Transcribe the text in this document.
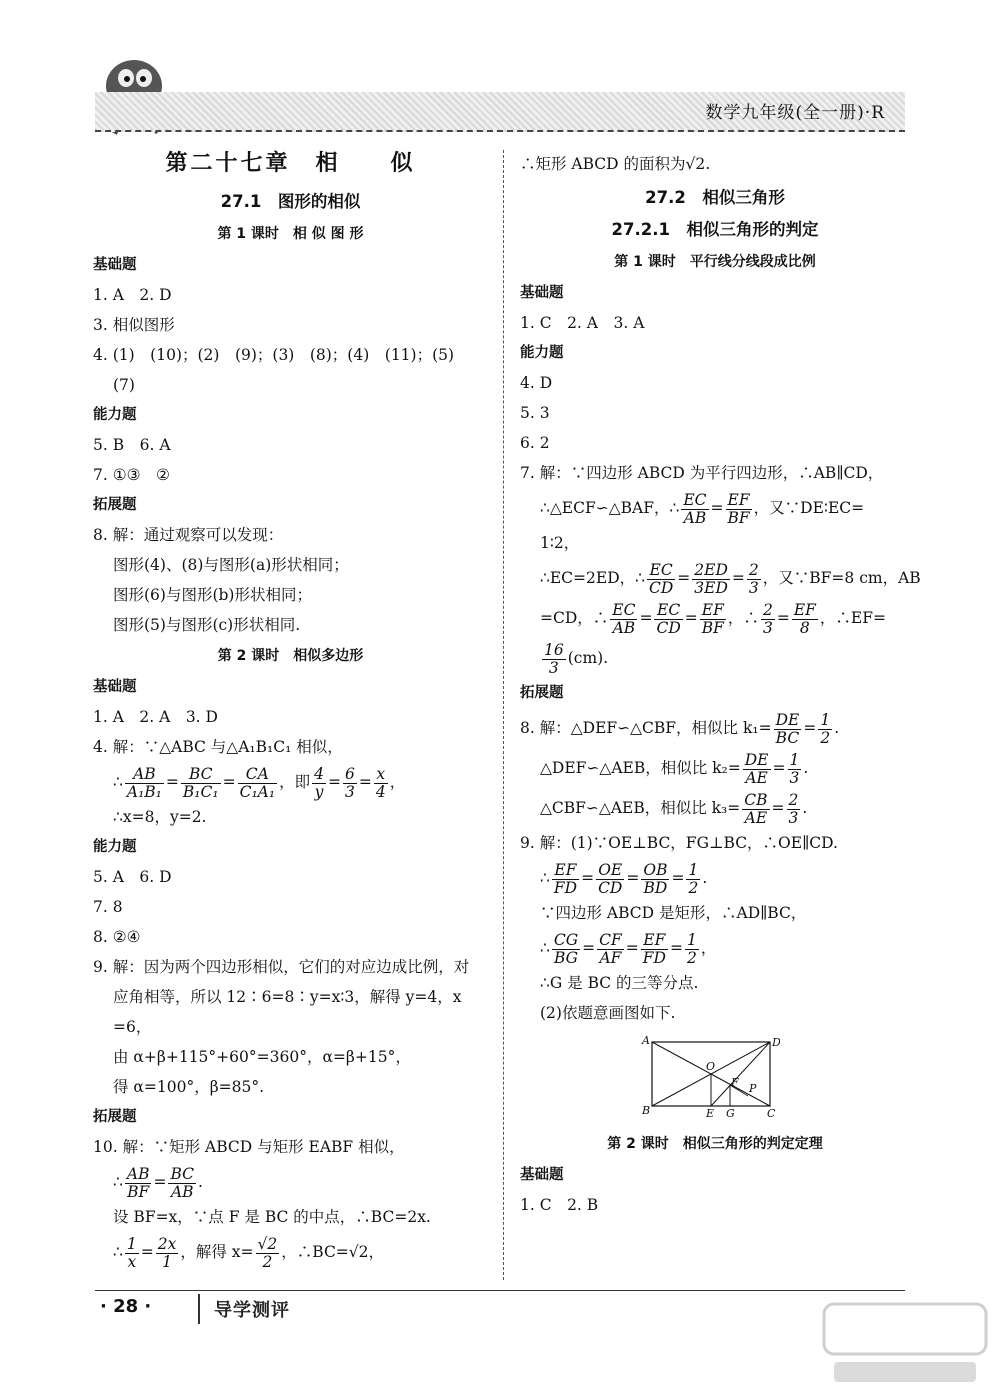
数学九年级(全一册)·R
第二十七章　相　　似
27.1　图形的相似
第 1 课时　相 似 图 形
基础题
1. A　2. D
3. 相似图形
4. (1)　(10)；(2)　(9)；(3)　(8)；(4)　(11)；(5)
(7)
能力题
5. B　6. A
7. ①③　②
拓展题
8. 解：通过观察可以发现：
图形(4)、(8)与图形(a)形状相同；
图形(6)与图形(b)形状相同；
图形(5)与图形(c)形状相同.
第 2 课时　相似多边形
基础题
1. A　2. A　3. D
4. 解：∵△ABC 与△A₁B₁C₁ 相似，
∴ $\frac{AB}{\text{A₁B₁}} = \frac{BC}{\text{B₁C₁}} = \frac{CA}{\text{C₁A₁}}$ ，即 $\frac{4}{y} = \frac{6}{3} = \frac{x}{4}$ ，
∴x=8，y=2.
能力题
5. A　6. D
7. 8
8. ②④
9. 解：因为两个四边形相似，它们的对应边成比例，对
应角相等，所以 12∶6=8∶y=x∶3，解得 y=4，x
=6，
由 α+β+115°+60°=360°，α=β+15°，
得 α=100°，β=85°.
拓展题
10. 解：∵矩形 ABCD 与矩形 EABF 相似，
∴ $\frac{AB}{BF} = \frac{BC}{AB}$ .
设 BF=x，∵点 F 是 BC 的中点，∴BC=2x.
∴ $\frac{1}{x} = \frac{2x}{1}$ ，解得 $x= \frac{√2}{2}$ ，∴BC=√2，
∴矩形 ABCD 的面积为√2.
27.2　相似三角形
27.2.1　相似三角形的判定
第 1 课时　平行线分线段成比例
基础题
1. C　2. A　3. A
能力题
4. D
5. 3
6. 2
7. 解：∵四边形 ABCD 为平行四边形，∴AB∥CD，
∴△ECF∽△BAF，∴ $\frac{EC}{AB} = \frac{EF}{BF}$ ，又∵DE∶EC=
1∶2，
∴EC=2ED，∴ $\frac{EC}{CD} = \frac{2ED}{3ED} = \frac{2}{3}$ ，又∵BF=8 cm，AB
=CD，∴ $\frac{EC}{AB} = \frac{EC}{CD} = \frac{EF}{BF}$ ，∴ $\frac{2}{3} = \frac{EF}{8}$ ，∴EF=
$\frac{16}{3} (cm)$.
拓展题
8. 解：△DEF∽△CBF，相似比 $k_1= \frac{DE}{BC} = \frac{1}{2}$ .
△DEF∽△AEB，相似比 $k_2= \frac{DE}{AE} = \frac{1}{3}$ .
△CBF∽△AEB，相似比 $k_3= \frac{CB}{AE} = \frac{2}{3}$ .
9. 解：(1)∵OE⊥BC，FG⊥BC，∴OE∥CD.
∴ $\frac{EF}{FD} = \frac{OE}{CD} = \frac{OB}{BD} = \frac{1}{2}$ .
∵四边形 ABCD 是矩形，∴AD∥BC，
∴ $\frac{CG}{BG} = \frac{CF}{AF} = \frac{EF}{FD} = \frac{1}{2}$ ，
∴G 是 BC 的三等分点.
(2)依题意画图如下.
A	D
O
F P
B	E G	C
第 2 课时　相似三角形的判定定理
基础题
1. C　2. B
· 28 ·	导学测评
